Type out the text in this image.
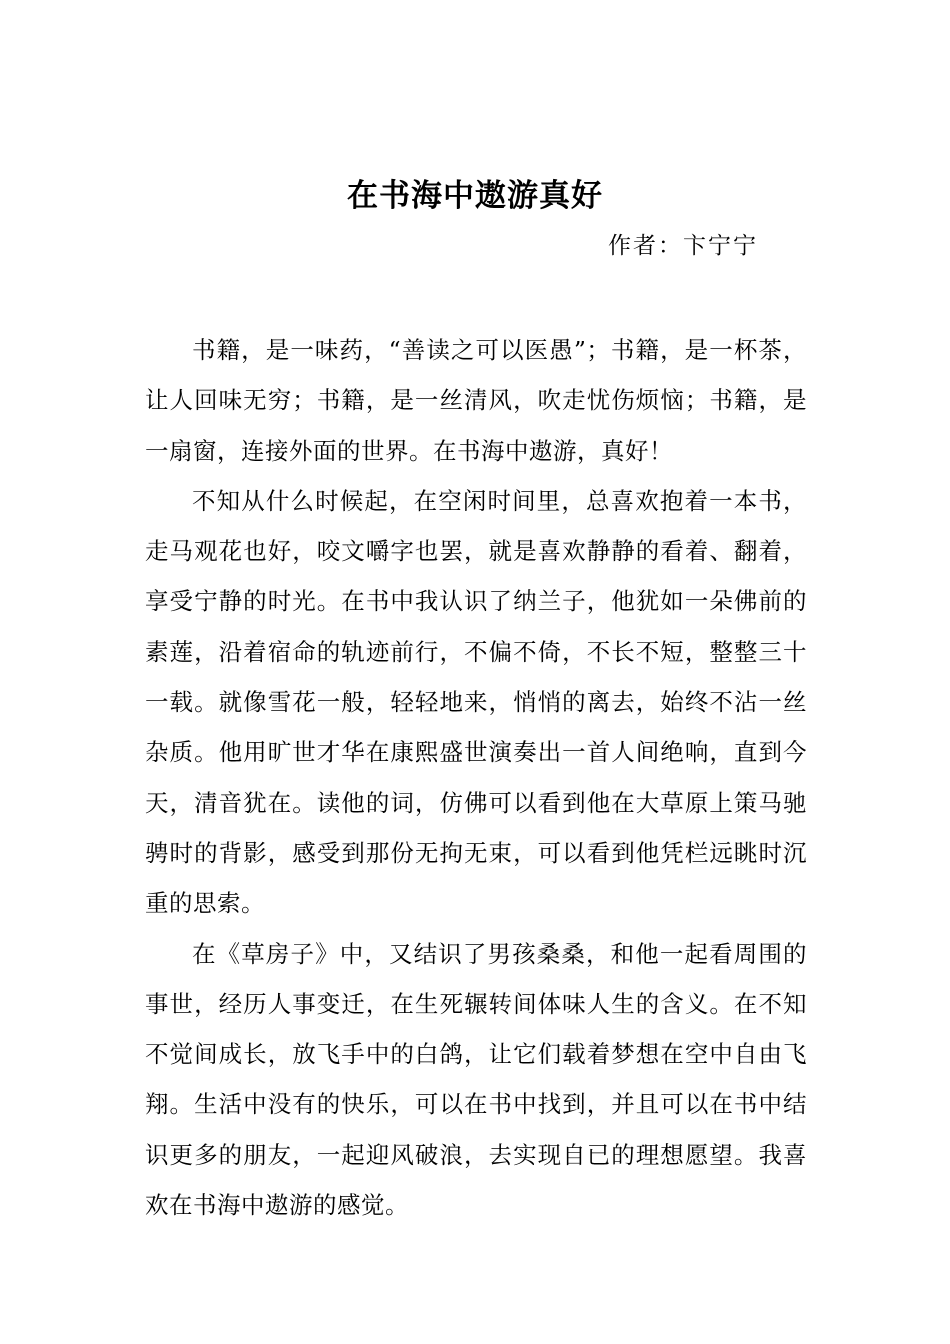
在书海中遨游真好
作者：卞宁宁

书籍，是一味药，“善读之可以医愚”；书籍，是一杯茶，让人回味无穷；书籍，是一丝清风，吹走忧伤烦恼；书籍，是一扇窗，连接外面的世界。在书海中遨游，真好！

不知从什么时候起，在空闲时间里，总喜欢抱着一本书，走马观花也好，咬文嚼字也罢，就是喜欢静静的看着、翻着，享受宁静的时光。在书中我认识了纳兰子，他犹如一朵佛前的素莲，沿着宿命的轨迹前行，不偏不倚，不长不短，整整三十一载。就像雪花一般，轻轻地来，悄悄的离去，始终不沾一丝杂质。他用旷世才华在康熙盛世演奏出一首人间绝响，直到今天，清音犹在。读他的词，仿佛可以看到他在大草原上策马驰骋时的背影，感受到那份无拘无束，可以看到他凭栏远眺时沉重的思索。

在《草房子》中，又结识了男孩桑桑，和他一起看周围的事世，经历人事变迁，在生死辗转间体味人生的含义。在不知不觉间成长，放飞手中的白鸽，让它们载着梦想在空中自由飞翔。生活中没有的快乐，可以在书中找到，并且可以在书中结识更多的朋友，一起迎风破浪，去实现自已的理想愿望。我喜欢在书海中遨游的感觉。
